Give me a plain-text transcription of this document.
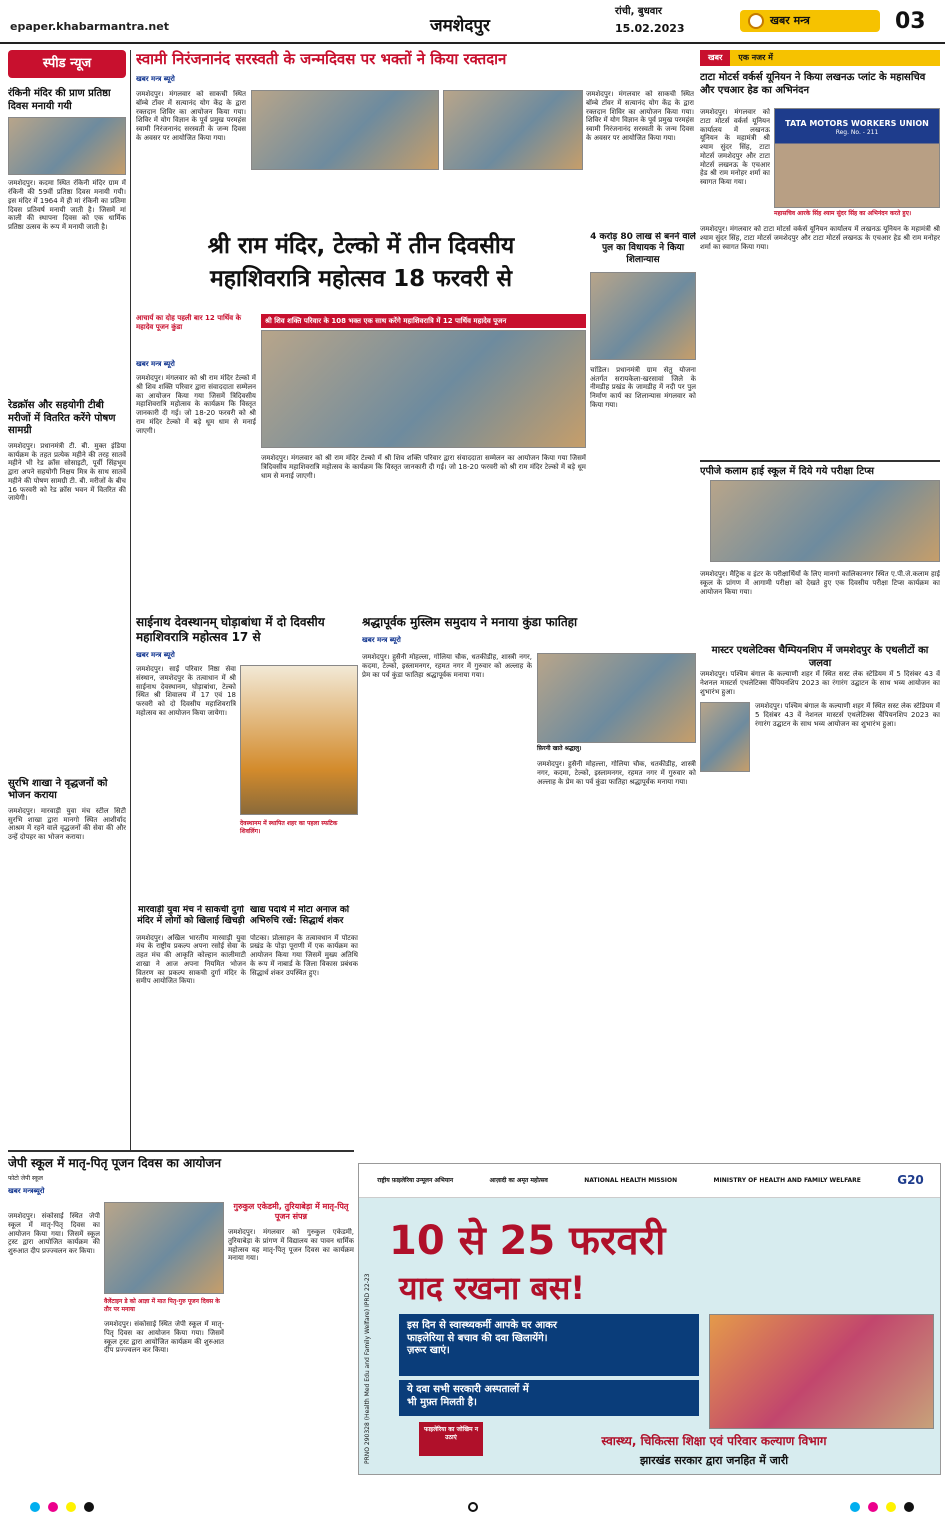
epaper.khabarmantra.net	जमशेदपुर
रांची, बुधवार
15.02.2023
खबर मन्त्र	03
स्पीड न्यूज
रंकिनी मंदिर की प्राण प्रतिष्ठा दिवस मनायी गयी
जमशेदपुर। कदमा स्थित रंकिनी मंदिर ग्राम में रंकिनी की 59वीं प्रतिष्ठा दिवस मनायी गयी। इस मंदिर में 1964 में ही मां रंकिनी का प्रतिमा दिवस प्रतिवर्ष मनायी जाती है। जिसमें मां काली की स्थापना दिवस को एक धार्मिक प्रतिष्ठा उत्सव के रूप में मनायी जाती है।
रेडक्रॉस और सहयोगी टीबी मरीजों में वितरित करेंगे पोषण सामग्री
जमशेदपुर। प्रधानमंत्री टी. बी. मुक्त इंडिया कार्यक्रम के तहत प्रत्येक महीने की तरह सातवें महीने भी रेड क्रॉस सोसाइटी, पूर्वी सिंहभूम द्वारा अपने सहयोगी निक्षय मित्र के साथ सातवें महीने की पोषण सामग्री टी. बी. मरीजों के बीच 16 फरवरी को रेड क्रॉस भवन में वितरित की जायेगी।
सुरभि शाखा ने वृद्धजनों को भोजन कराया
जमशेदपुर। मारवाड़ी युवा मंच स्टील सिटी सुरभि शाखा द्वारा मानगो स्थित आशीर्वाद आश्रम में रहने वाले वृद्धजनों की सेवा की और उन्हें दोपहर का भोजन कराया।
स्वामी निरंजनानंद सरस्वती के जन्मदिवस पर भक्तों ने किया रक्तदान
खबर मन्त्र ब्यूरो
जमशेदपुर। मंगलवार को साकची स्थित बॉम्बे टॉवर में सत्यानंद योग केंद्र के द्वारा रक्तदान शिविर का आयोजन किया गया। शिविर में योग विज्ञान के पूर्व प्रमुख परमहंस स्वामी निरंजनानंद सरस्वती के जन्म दिवस के अवसर पर आयोजित किया गया।
जमशेदपुर। मंगलवार को साकची स्थित बॉम्बे टॉवर में सत्यानंद योग केंद्र के द्वारा रक्तदान शिविर का आयोजन किया गया। शिविर में योग विज्ञान के पूर्व प्रमुख परमहंस स्वामी निरंजनानंद सरस्वती के जन्म दिवस के अवसर पर आयोजित किया गया।
श्री राम मंदिर, टेल्को में तीन दिवसीय
महाशिवरात्रि महोत्सव 18 फरवरी से
आचार्य का दोह पहली बार 12 पार्थिव के महादेव पूजन कुंडा
श्री शिव शक्ति परिवार के 108 भक्त एक साथ करेंगे महाशिवरात्रि में 12 पार्थिव महादेव पूजन
खबर मन्त्र ब्यूरो
जमशेदपुर। मंगलवार को श्री राम मंदिर टेल्को में श्री शिव शक्ति परिवार द्वारा संवाददाता सम्मेलन का आयोजन किया गया जिसमें त्रिदिवसीय महाशिवरात्रि महोत्सव के कार्यक्रम कि विस्तृत जानकारी दी गई। जो 18-20 फरवरी को श्री राम मंदिर टेल्को में बड़े धूम धाम से मनाई जाएगी।
जमशेदपुर। मंगलवार को श्री राम मंदिर टेल्को में श्री शिव शक्ति परिवार द्वारा संवाददाता सम्मेलन का आयोजन किया गया जिसमें त्रिदिवसीय महाशिवरात्रि महोत्सव के कार्यक्रम कि विस्तृत जानकारी दी गई। जो 18-20 फरवरी को श्री राम मंदिर टेल्को में बड़े धूम धाम से मनाई जाएगी।
4 करोड़ 80 लाख से बनने वाले पुल का विधायक ने किया शिलान्यास
चांडिल। प्रधानमंत्री ग्राम सेतु योजना अंतर्गत सरायकेला-खरसावां जिले के नीमडीह प्रखंड के जामडीह में नदी पर पुल निर्माण कार्य का शिलान्यास मंगलवार को किया गया।
खबर	एक नजर में
टाटा मोटर्स वर्कर्स यूनियन ने किया लखनऊ प्लांट के महासचिव और एचआर हेड का अभिनंदन
जमशेदपुर। मंगलवार को टाटा मोटर्स वर्कर्स यूनियन कार्यालय में लखनऊ यूनियन के महामंत्री श्री श्याम सुंदर सिंह, टाटा मोटर्स जमशेदपुर और टाटा मोटर्स लखनऊ के एचआर हेड श्री राम मनोहर शर्मा का स्वागत किया गया।
TATA MOTORS WORKERS UNION
Reg. No. - 211
महासचिव आरके सिंह श्याम सुंदर सिंह का अभिनंदन करते हुए।
जमशेदपुर। मंगलवार को टाटा मोटर्स वर्कर्स यूनियन कार्यालय में लखनऊ यूनियन के महामंत्री श्री श्याम सुंदर सिंह, टाटा मोटर्स जमशेदपुर और टाटा मोटर्स लखनऊ के एचआर हेड श्री राम मनोहर शर्मा का स्वागत किया गया।
एपीजे कलाम हाई स्कूल में दिये गये परीक्षा टिप्स
जमशेदपुर। मैट्रिक व इंटर के परीक्षार्थियों के लिए मानगो कालिकानगर स्थित ए.पी.जे.कलाम हाई स्कूल के प्रांगण में आगामी परीक्षा को देखते हुए एक दिवसीय परीक्षा टिप्स कार्यक्रम का आयोजन किया गया।
मास्टर एथलेटिक्स चैम्पियनशिप में जमशेदपुर के एथलीटों का जलवा
जमशेदपुर। पश्चिम बंगाल के कल्याणी शहर में स्थित सस्ट लेक स्टेडियम में 5 दिसंबर 43 वें नेशनल मास्टर्स एथलेटिक्स चैंपियनशिप 2023 का रंगारंग उद्घाटन के साथ भव्य आयोजन का शुभारंभ हुआ।
जमशेदपुर। पश्चिम बंगाल के कल्याणी शहर में स्थित सस्ट लेक स्टेडियम में 5 दिसंबर 43 वें नेशनल मास्टर्स एथलेटिक्स चैंपियनशिप 2023 का रंगारंग उद्घाटन के साथ भव्य आयोजन का शुभारंभ हुआ।
साईनाथ देवस्थानम् घोड़ाबांधा में दो दिवसीय महाशिवरात्रि महोत्सव 17 से
खबर मन्त्र ब्यूरो
जमशेदपुर। साईं परिवार निष्ठा सेवा संस्थान, जमशेदपुर के तत्वाधान में श्री साईनाथ देवस्थानम, घोड़ाबांधा, टेल्को स्थित श्री शिवालय में 17 एवं 18 फरवरी को दो दिवसीय महाशिवरात्रि महोत्सव का आयोजन किया जायेगा।
देवस्थानम में स्थापित शहर का पहला स्फटिक शिवलिंग।
श्रद्धापूर्वक मुस्लिम समुदाय ने मनाया कुंडा फातिहा
खबर मन्त्र ब्यूरो
जमशेदपुर। हुसैनी मोहल्ला, गोलिया चौक, धतकीडीह, शास्त्री नगर, कदमा, टेल्को, इस्लामनगर, रहमत नगर में गुरुवार को अल्लाह के प्रेम का पर्व कुंडा फातिहा श्रद्धापूर्वक मनाया गया।
फ़िरनी खाते श्रद्धालु।
जमशेदपुर। हुसैनी मोहल्ला, गोलिया चौक, धतकीडीह, शास्त्री नगर, कदमा, टेल्को, इस्लामनगर, रहमत नगर में गुरुवार को अल्लाह के प्रेम का पर्व कुंडा फातिहा श्रद्धापूर्वक मनाया गया।
मारवाड़ी युवा मंच ने साकची दुर्गा मंदिर में लोगों को खिलाई खिचड़ी
जमशेदपुर। अखिल भारतीय मारवाड़ी युवा मंच के राष्ट्रीय प्रकल्प अपना रसोई सेवा के तहत मंच की आकृति कोल्हान कालीमाटी शाखा ने आज अपना नियमित भोजन वितरण का प्रकल्प साकची दुर्गा मंदिर के समीप आयोजित किया।
खाद्य पदार्थ में मोटा अनाज को अभिरुचि रखें: सिद्धार्थ शंकर
पोटका। प्रोत्साहन के तत्वावधान में पोटका प्रखंड के पोड़ा पूराणी में एक कार्यक्रम का आयोजन किया गया जिसमें मुख्य अतिथि के रूप में नाबार्ड के जिला विकास प्रबंधक सिद्धार्थ शंकर उपस्थित हुए।
जेपी स्कूल में मातृ-पितृ पूजन दिवस का आयोजन
फोटो जेपी स्कूल
खबर मन्त्रब्यूरो
जमशेदपुर। संकोसाई स्थित जेपी स्कूल में मातृ-पितृ दिवस का आयोजन किया गया। जिसमें स्कूल ट्रस्ट द्वारा आयोजित कार्यक्रम की शुरुआत दीप प्रज्ज्वलन कर किया।
वैलेंटाइन डे को आज्ञा में मात पितृ-गुरु पूजन दिवस के तौर पर मनाया
जमशेदपुर। संकोसाई स्थित जेपी स्कूल में मातृ-पितृ दिवस का आयोजन किया गया। जिसमें स्कूल ट्रस्ट द्वारा आयोजित कार्यक्रम की शुरुआत दीप प्रज्ज्वलन कर किया।
गुरुकुल एकेडमी, तुरियाबेड़ा में मातृ-पितृ पूजन संपन्न
जमशेदपुर। मंगलवार को गुरुकुल एकेडमी, तुरियाबेड़ा के प्रांगण में विद्यालय का पावन धार्मिक महोत्सव यह मातृ-पितृ पूजन दिवस का कार्यक्रम मनाया गया।
राष्ट्रीय फ़ाइलेरिया उन्मूलन अभियान	आज़ादी का अमृत महोत्सव	NATIONAL HEALTH MISSION	MINISTRY OF HEALTH AND FAMILY WELFARE	G20
10 से 25 फरवरी
याद रखना बस!
इस दिन से स्वास्थ्यकर्मी आपके घर आकर
फाइलेरिया से बचाव की दवा खिलायेंगे।
ज़रूर खाएं।
ये दवा सभी सरकारी अस्पतालों में
भी मुफ़्त मिलती है।
फाइलेरिया का जोखिम न उठाएं
PRNO 290328 (Health Med Edu and Family Welfare) IPRD 22-23	स्वास्थ्य, चिकित्सा शिक्षा एवं परिवार कल्याण विभाग
झारखंड सरकार द्वारा जनहित में जारी
